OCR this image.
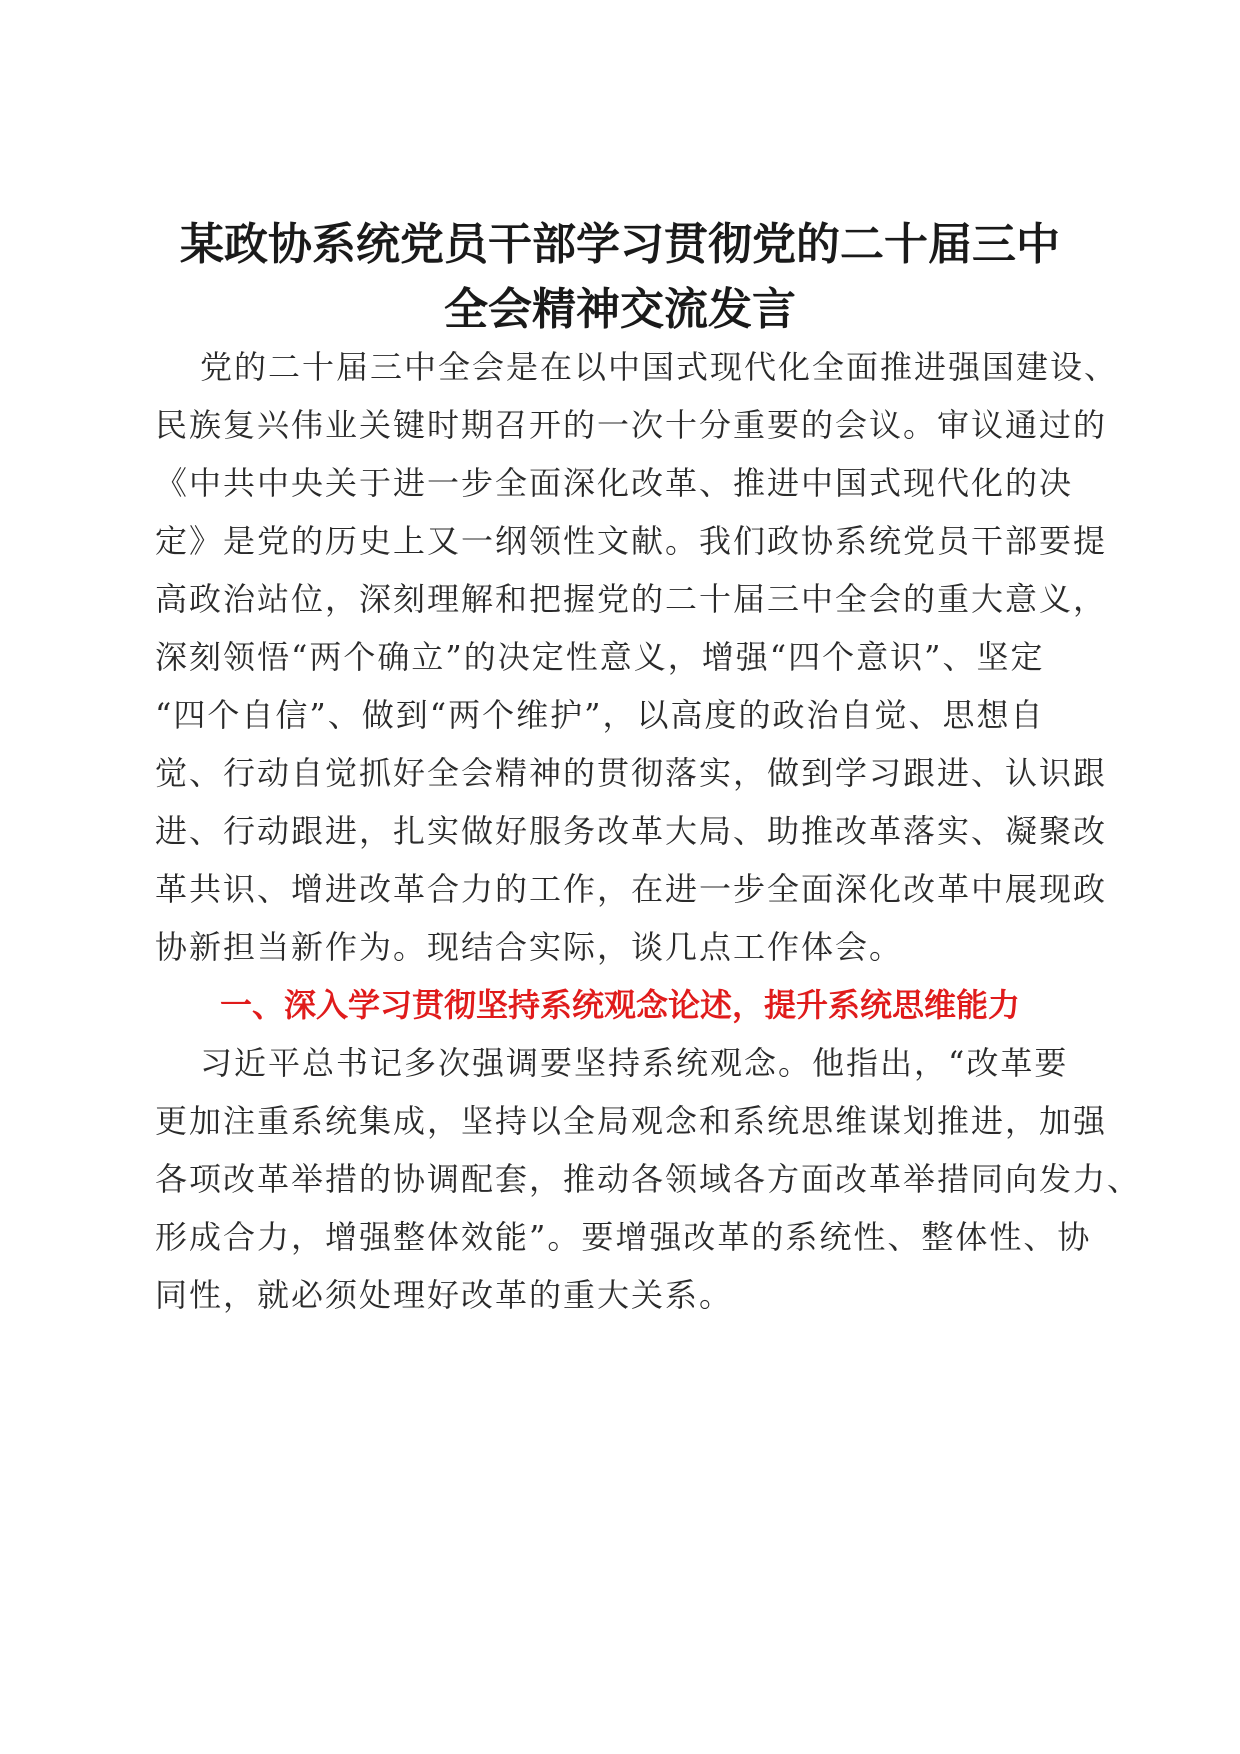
某政协系统党员干部学习贯彻党的二十届三中
全会精神交流发言

党的二十届三中全会是在以中国式现代化全面推进强国建设、

民族复兴伟业关键时期召开的一次十分重要的会议。审议通过的

《中共中央关于进一步全面深化改革、推进中国式现代化的决

定》是党的历史上又一纲领性文献。我们政协系统党员干部要提

高政治站位，深刻理解和把握党的二十届三中全会的重大意义，

深刻领悟“两个确立”的决定性意义，增强“四个意识”、坚定

“四个自信”、做到“两个维护”，以高度的政治自觉、思想自

觉、行动自觉抓好全会精神的贯彻落实，做到学习跟进、认识跟

进、行动跟进，扎实做好服务改革大局、助推改革落实、凝聚改

革共识、增进改革合力的工作，在进一步全面深化改革中展现政

协新担当新作为。现结合实际，谈几点工作体会。

一、深入学习贯彻坚持系统观念论述，提升系统思维能力

习近平总书记多次强调要坚持系统观念。他指出，“改革要

更加注重系统集成，坚持以全局观念和系统思维谋划推进，加强

各项改革举措的协调配套，推动各领域各方面改革举措同向发力、

形成合力，增强整体效能”。要增强改革的系统性、整体性、协

同性，就必须处理好改革的重大关系。
